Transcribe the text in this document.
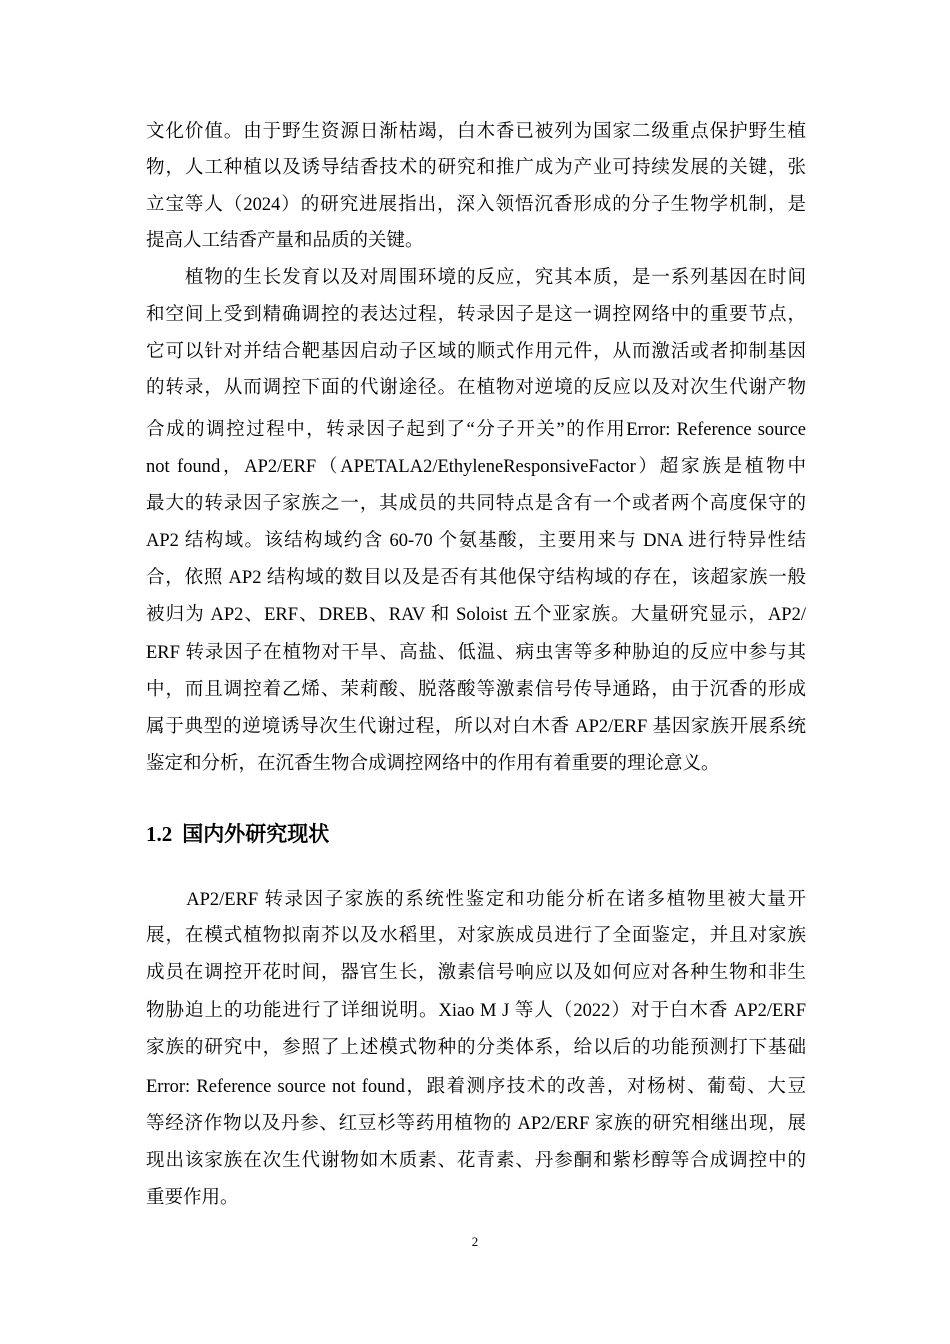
文化价值。由于野生资源日渐枯竭，白木香已被列为国家二级重点保护野生植
物，人工种植以及诱导结香技术的研究和推广成为产业可持续发展的关键，张
立宝等人（2024）的研究进展指出，深入领悟沉香形成的分子生物学机制，是
提高人工结香产量和品质的关键。
　　植物的生长发育以及对周围环境的反应，究其本质，是一系列基因在时间
和空间上受到精确调控的表达过程，转录因子是这一调控网络中的重要节点，
它可以针对并结合靶基因启动子区域的顺式作用元件，从而激活或者抑制基因
的转录，从而调控下面的代谢途径。在植物对逆境的反应以及对次生代谢产物
合成的调控过程中，转录因子起到了“分子开关”的作用Error: Reference source
not found，AP2/ERF（APETALA2/EthyleneResponsiveFactor）超家族是植物中
最大的转录因子家族之一，其成员的共同特点是含有一个或者两个高度保守的
AP2 结构域。该结构域约含 60-70 个氨基酸，主要用来与 DNA 进行特异性结
合，依照 AP2 结构域的数目以及是否有其他保守结构域的存在，该超家族一般
被归为 AP2、ERF、DREB、RAV 和 Soloist 五个亚家族。大量研究显示，AP2/
ERF 转录因子在植物对干旱、高盐、低温、病虫害等多种胁迫的反应中参与其
中，而且调控着乙烯、茉莉酸、脱落酸等激素信号传导通路，由于沉香的形成
属于典型的逆境诱导次生代谢过程，所以对白木香 AP2/ERF 基因家族开展系统
鉴定和分析，在沉香生物合成调控网络中的作用有着重要的理论意义。
1.2 国内外研究现状
　　AP2/ERF 转录因子家族的系统性鉴定和功能分析在诸多植物里被大量开
展，在模式植物拟南芥以及水稻里，对家族成员进行了全面鉴定，并且对家族
成员在调控开花时间，器官生长，激素信号响应以及如何应对各种生物和非生
物胁迫上的功能进行了详细说明。Xiao M J 等人（2022）对于白木香 AP2/ERF
家族的研究中，参照了上述模式物种的分类体系，给以后的功能预测打下基础
Error: Reference source not found，跟着测序技术的改善，对杨树、葡萄、大豆
等经济作物以及丹参、红豆杉等药用植物的 AP2/ERF 家族的研究相继出现，展
现出该家族在次生代谢物如木质素、花青素、丹参酮和紫杉醇等合成调控中的
重要作用。
2
